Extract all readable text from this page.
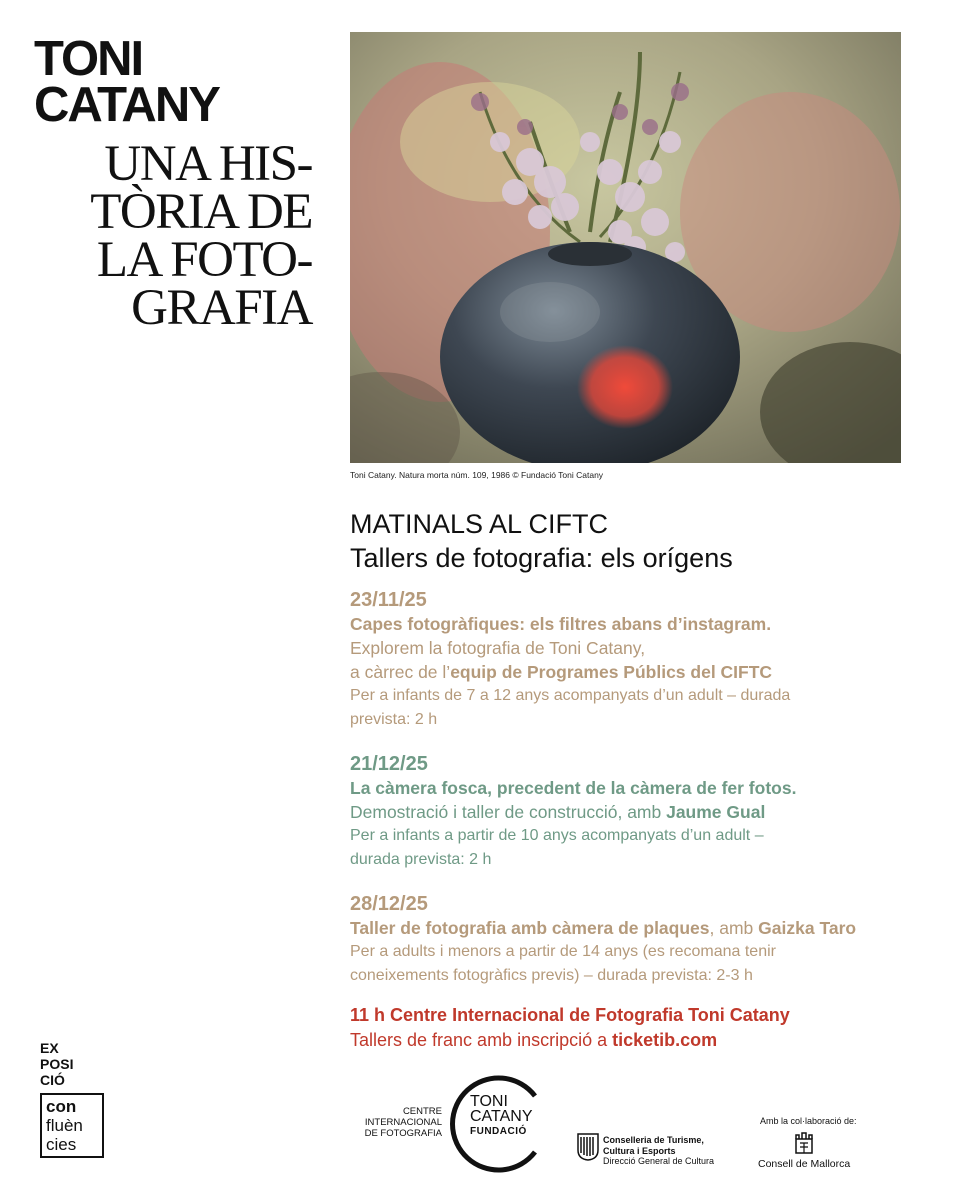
TONI
CATANY
UNA HIS-
TÒRIA DE
LA FOTO-
GRAFIA
Toni Catany. Natura morta núm. 109, 1986 © Fundació Toni Catany
MATINALS AL CIFTC
Tallers de fotografia: els orígens
23/11/25
Capes fotogràfiques: els filtres abans d’instagram.
Explorem la fotografia de Toni Catany,
a càrrec de l’equip de Programes Públics del CIFTC
Per a infants de 7 a 12 anys acompanyats d’un adult – durada
prevista: 2 h
21/12/25
La càmera fosca, precedent de la càmera de fer fotos.
Demostració i taller de construcció, amb Jaume Gual
Per a infants a partir de 10 anys acompanyats d’un adult –
durada prevista: 2 h
28/12/25
Taller de fotografia amb càmera de plaques, amb Gaizka Taro
Per a adults i menors a partir de 14 anys (es recomana tenir
coneixements fotogràfics previs) – durada prevista: 2-3 h
11 h Centre Internacional de Fotografia Toni Catany
Tallers de franc amb inscripció a ticketib.com
EX
POSI
CIÓ
con
fluèn
cies
CENTRE
INTERNACIONAL
DE FOTOGRAFIA
TONI
CATANY
FUNDACIÓ
Conselleria de Turisme,
Cultura i Esports
Direcció General de Cultura
Amb la col·laboració de:
Consell de Mallorca
